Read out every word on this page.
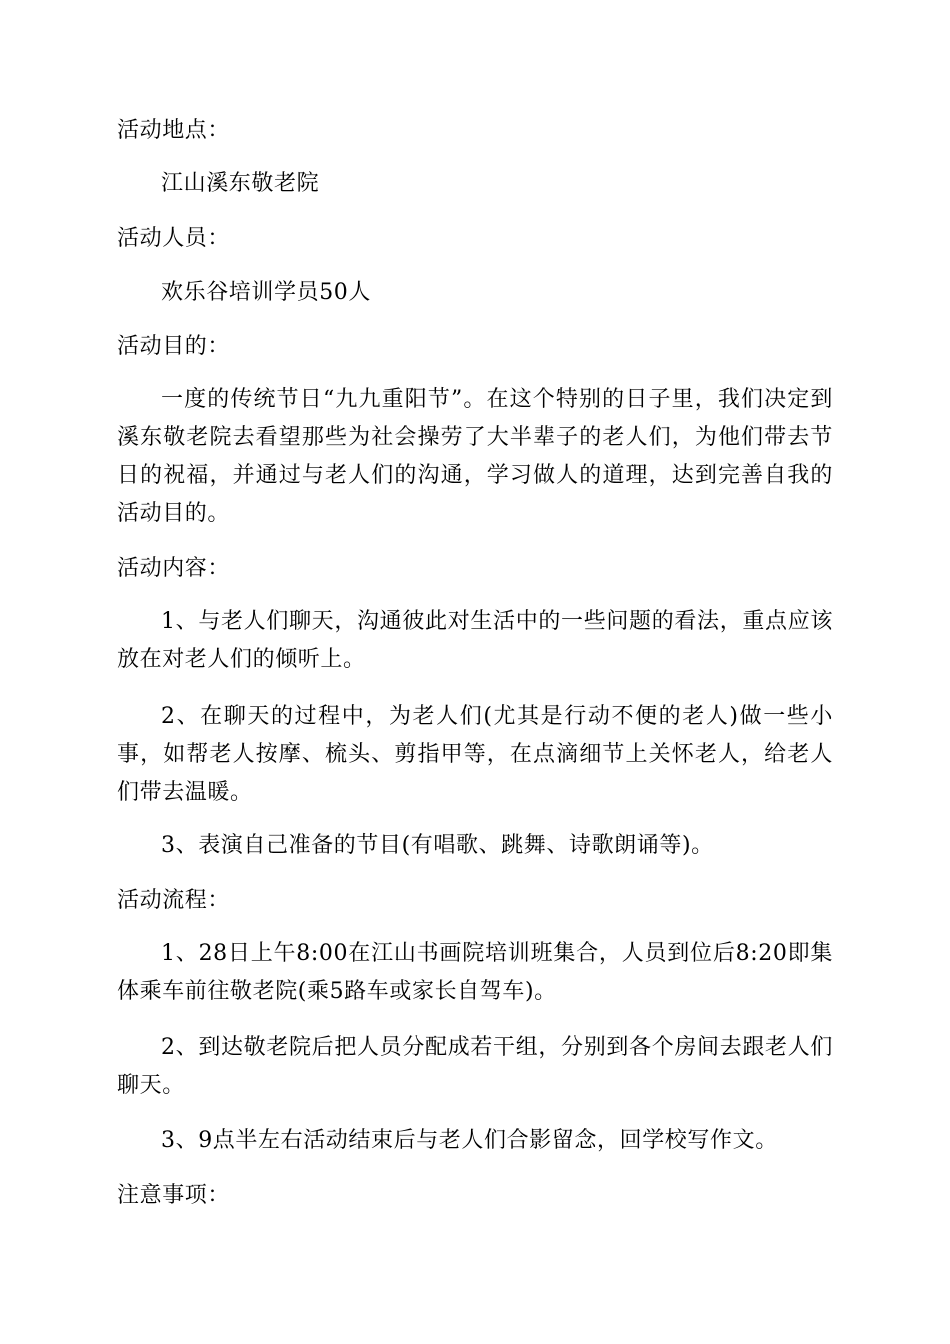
活动地点：

江山溪东敬老院

活动人员：

欢乐谷培训学员50人

活动目的：

一度的传统节日“九九重阳节”。在这个特别的日子里，我们决定到溪东敬老院去看望那些为社会操劳了大半辈子的老人们，为他们带去节日的祝福，并通过与老人们的沟通，学习做人的道理，达到完善自我的活动目的。

活动内容：

1、与老人们聊天，沟通彼此对生活中的一些问题的看法，重点应该放在对老人们的倾听上。

2、在聊天的过程中，为老人们(尤其是行动不便的老人)做一些小事，如帮老人按摩、梳头、剪指甲等，在点滴细节上关怀老人，给老人们带去温暖。

3、表演自己准备的节目(有唱歌、跳舞、诗歌朗诵等)。

活动流程：

1、28日上午8:00在江山书画院培训班集合，人员到位后8:20即集体乘车前往敬老院(乘5路车或家长自驾车)。

2、到达敬老院后把人员分配成若干组，分别到各个房间去跟老人们聊天。

3、9点半左右活动结束后与老人们合影留念，回学校写作文。

注意事项：
